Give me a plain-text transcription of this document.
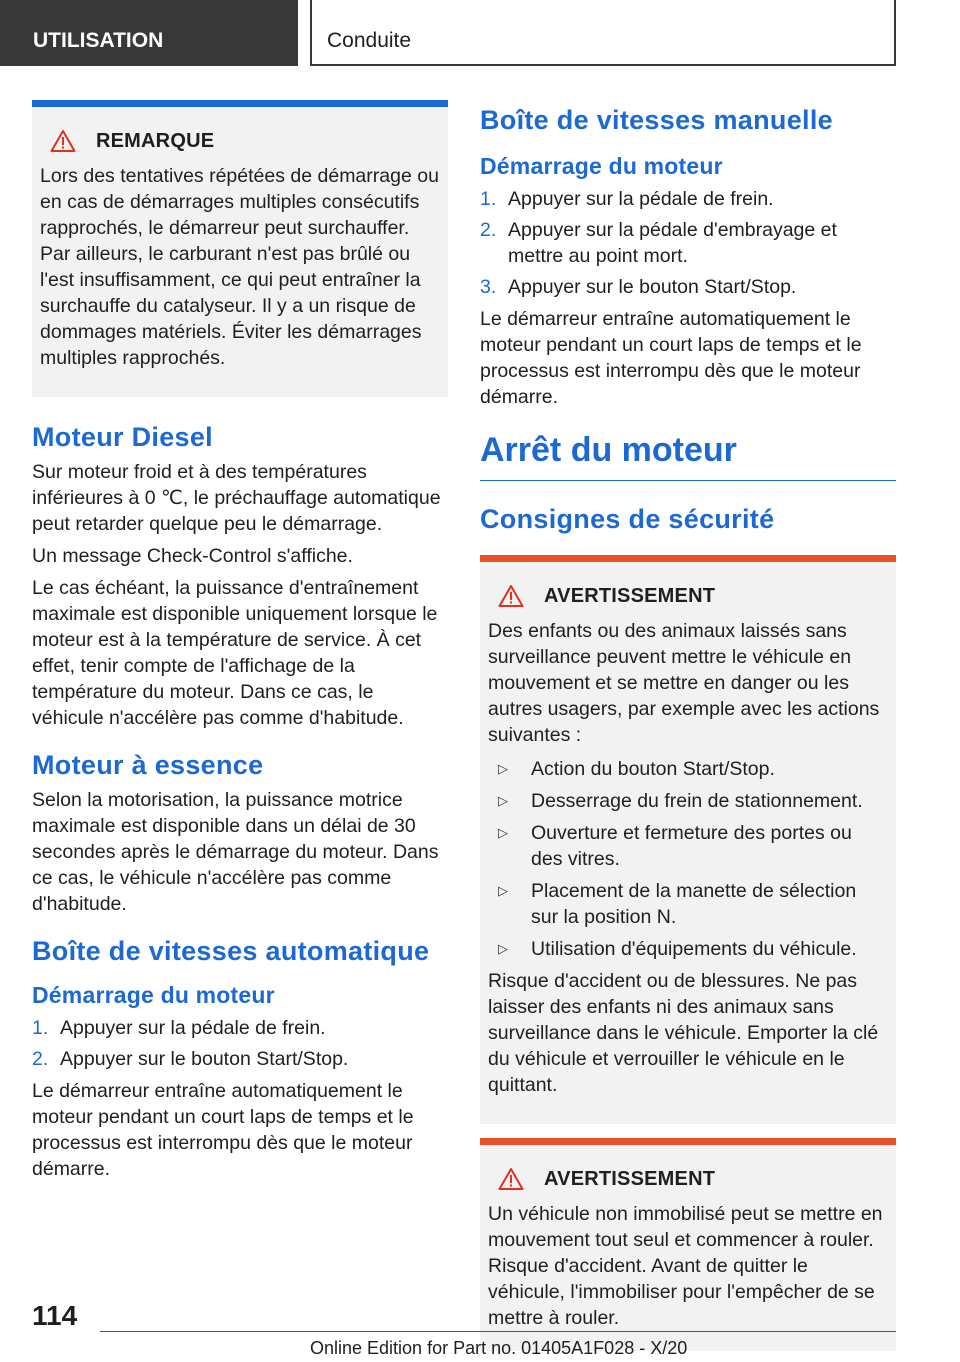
UTILISATION	Conduite
REMARQUE

Lors des tentatives répétées de démarrage ou en cas de démarrages multiples consécutifs rapprochés, le démarreur peut surchauffer. Par ailleurs, le carburant n'est pas brûlé ou l'est insuffisamment, ce qui peut entraîner la surchauffe du catalyseur. Il y a un risque de dommages matériels. Éviter les démarrages multiples rapprochés.

Moteur Diesel

Sur moteur froid et à des températures inférieures à 0 ℃, le préchauffage automatique peut retarder quelque peu le démarrage.

Un message Check-Control s'affiche.

Le cas échéant, la puissance d'entraînement maximale est disponible uniquement lorsque le moteur est à la température de service. À cet effet, tenir compte de l'affichage de la température du moteur. Dans ce cas, le véhicule n'accélère pas comme d'habitude.

Moteur à essence

Selon la motorisation, la puissance motrice maximale est disponible dans un délai de 30 secondes après le démarrage du moteur. Dans ce cas, le véhicule n'accélère pas comme d'habitude.

Boîte de vitesses automatique
Démarrage du moteur
1. Appuyer sur la pédale de frein.
2. Appuyer sur le bouton Start/Stop.

Le démarreur entraîne automatiquement le moteur pendant un court laps de temps et le processus est interrompu dès que le moteur démarre.

Boîte de vitesses manuelle
Démarrage du moteur
1. Appuyer sur la pédale de frein.
2. Appuyer sur la pédale d'embrayage et mettre au point mort.
3. Appuyer sur le bouton Start/Stop.

Le démarreur entraîne automatiquement le moteur pendant un court laps de temps et le processus est interrompu dès que le moteur démarre.

Arrêt du moteur
Consignes de sécurité
AVERTISSEMENT

Des enfants ou des animaux laissés sans surveillance peuvent mettre le véhicule en mouvement et se mettre en danger ou les autres usagers, par exemple avec les actions suivantes :

▷	Action du bouton Start/Stop.
▷	Desserrage du frein de stationnement.
▷	Ouverture et fermeture des portes ou des vitres.
▷	Placement de la manette de sélection sur la position N.
▷	Utilisation d'équipements du véhicule.

Risque d'accident ou de blessures. Ne pas laisser des enfants ni des animaux sans surveillance dans le véhicule. Emporter la clé du véhicule et verrouiller le véhicule en le quittant.

AVERTISSEMENT

Un véhicule non immobilisé peut se mettre en mouvement tout seul et commencer à rouler. Risque d'accident. Avant de quitter le véhicule, l'immobiliser pour l'empêcher de se mettre à rouler.

114
Online Edition for Part no. 01405A1F028 - X/20
